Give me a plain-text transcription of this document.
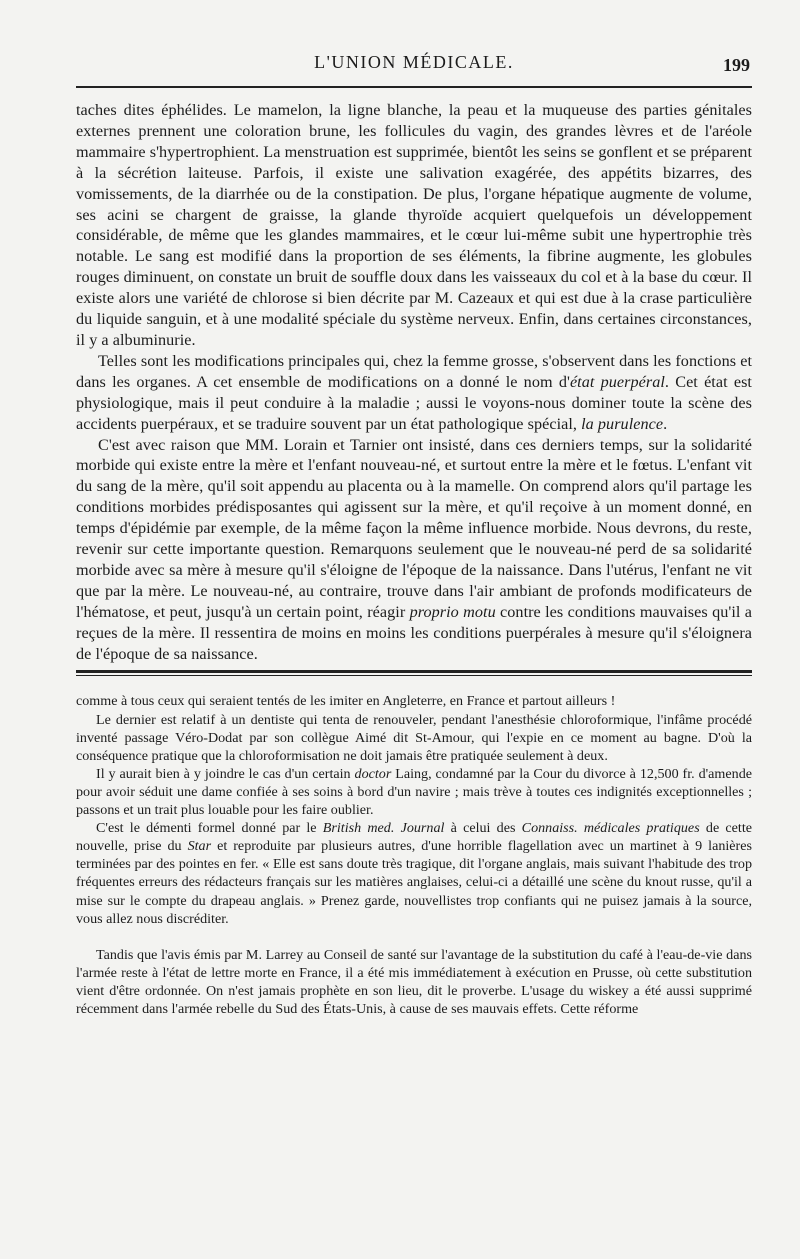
L'UNION MÉDICALE.	199

taches dites éphélides. Le mamelon, la ligne blanche, la peau et la muqueuse des parties génitales externes prennent une coloration brune, les follicules du vagin, des grandes lèvres et de l'aréole mammaire s'hypertrophient. La menstruation est supprimée, bientôt les seins se gonflent et se préparent à la sécrétion laiteuse. Parfois, il existe une salivation exagérée, des appétits bizarres, des vomissements, de la diarrhée ou de la constipation. De plus, l'organe hépatique augmente de volume, ses acini se chargent de graisse, la glande thyroïde acquiert quelquefois un développement considérable, de même que les glandes mammaires, et le cœur lui-même subit une hypertrophie très notable. Le sang est modifié dans la proportion de ses éléments, la fibrine augmente, les globules rouges diminuent, on constate un bruit de souffle doux dans les vaisseaux du col et à la base du cœur. Il existe alors une variété de chlorose si bien décrite par M. Cazeaux et qui est due à la crase particulière du liquide sanguin, et à une modalité spéciale du système nerveux. Enfin, dans certaines circonstances, il y a albuminurie.

Telles sont les modifications principales qui, chez la femme grosse, s'observent dans les fonctions et dans les organes. A cet ensemble de modifications on a donné le nom d'état puerpéral. Cet état est physiologique, mais il peut conduire à la maladie ; aussi le voyons-nous dominer toute la scène des accidents puerpéraux, et se traduire souvent par un état pathologique spécial, la purulence.

C'est avec raison que MM. Lorain et Tarnier ont insisté, dans ces derniers temps, sur la solidarité morbide qui existe entre la mère et l'enfant nouveau-né, et surtout entre la mère et le fœtus. L'enfant vit du sang de la mère, qu'il soit appendu au placenta ou à la mamelle. On comprend alors qu'il partage les conditions morbides prédisposantes qui agissent sur la mère, et qu'il reçoive à un moment donné, en temps d'épidémie par exemple, de la même façon la même influence morbide. Nous devrons, du reste, revenir sur cette importante question. Remarquons seulement que le nouveau-né perd de sa solidarité morbide avec sa mère à mesure qu'il s'éloigne de l'époque de la naissance. Dans l'utérus, l'enfant ne vit que par la mère. Le nouveau-né, au contraire, trouve dans l'air ambiant de profonds modificateurs de l'hématose, et peut, jusqu'à un certain point, réagir proprio motu contre les conditions mauvaises qu'il a reçues de la mère. Il ressentira de moins en moins les conditions puerpérales à mesure qu'il s'éloignera de l'époque de sa naissance.

comme à tous ceux qui seraient tentés de les imiter en Angleterre, en France et partout ailleurs !

Le dernier est relatif à un dentiste qui tenta de renouveler, pendant l'anesthésie chloroformique, l'infâme procédé inventé passage Véro-Dodat par son collègue Aimé dit St-Amour, qui l'expie en ce moment au bagne. D'où la conséquence pratique que la chloroformisation ne doit jamais être pratiquée seulement à deux.

Il y aurait bien à y joindre le cas d'un certain doctor Laing, condamné par la Cour du divorce à 12,500 fr. d'amende pour avoir séduit une dame confiée à ses soins à bord d'un navire ; mais trève à toutes ces indignités exceptionnelles ; passons et un trait plus louable pour les faire oublier.

C'est le démenti formel donné par le British med. Journal à celui des Connaiss. médicales pratiques de cette nouvelle, prise du Star et reproduite par plusieurs autres, d'une horrible flagellation avec un martinet à 9 lanières terminées par des pointes en fer. « Elle est sans doute très tragique, dit l'organe anglais, mais suivant l'habitude des trop fréquentes erreurs des rédacteurs français sur les matières anglaises, celui-ci a détaillé une scène du knout russe, qu'il a mise sur le compte du drapeau anglais. » Prenez garde, nouvellistes trop confiants qui ne puisez jamais à la source, vous allez nous discréditer.

Tandis que l'avis émis par M. Larrey au Conseil de santé sur l'avantage de la substitution du café à l'eau-de-vie dans l'armée reste à l'état de lettre morte en France, il a été mis immédiatement à exécution en Prusse, où cette substitution vient d'être ordonnée. On n'est jamais prophète en son lieu, dit le proverbe. L'usage du wiskey a été aussi supprimé récemment dans l'armée rebelle du Sud des États-Unis, à cause de ses mauvais effets. Cette réforme
